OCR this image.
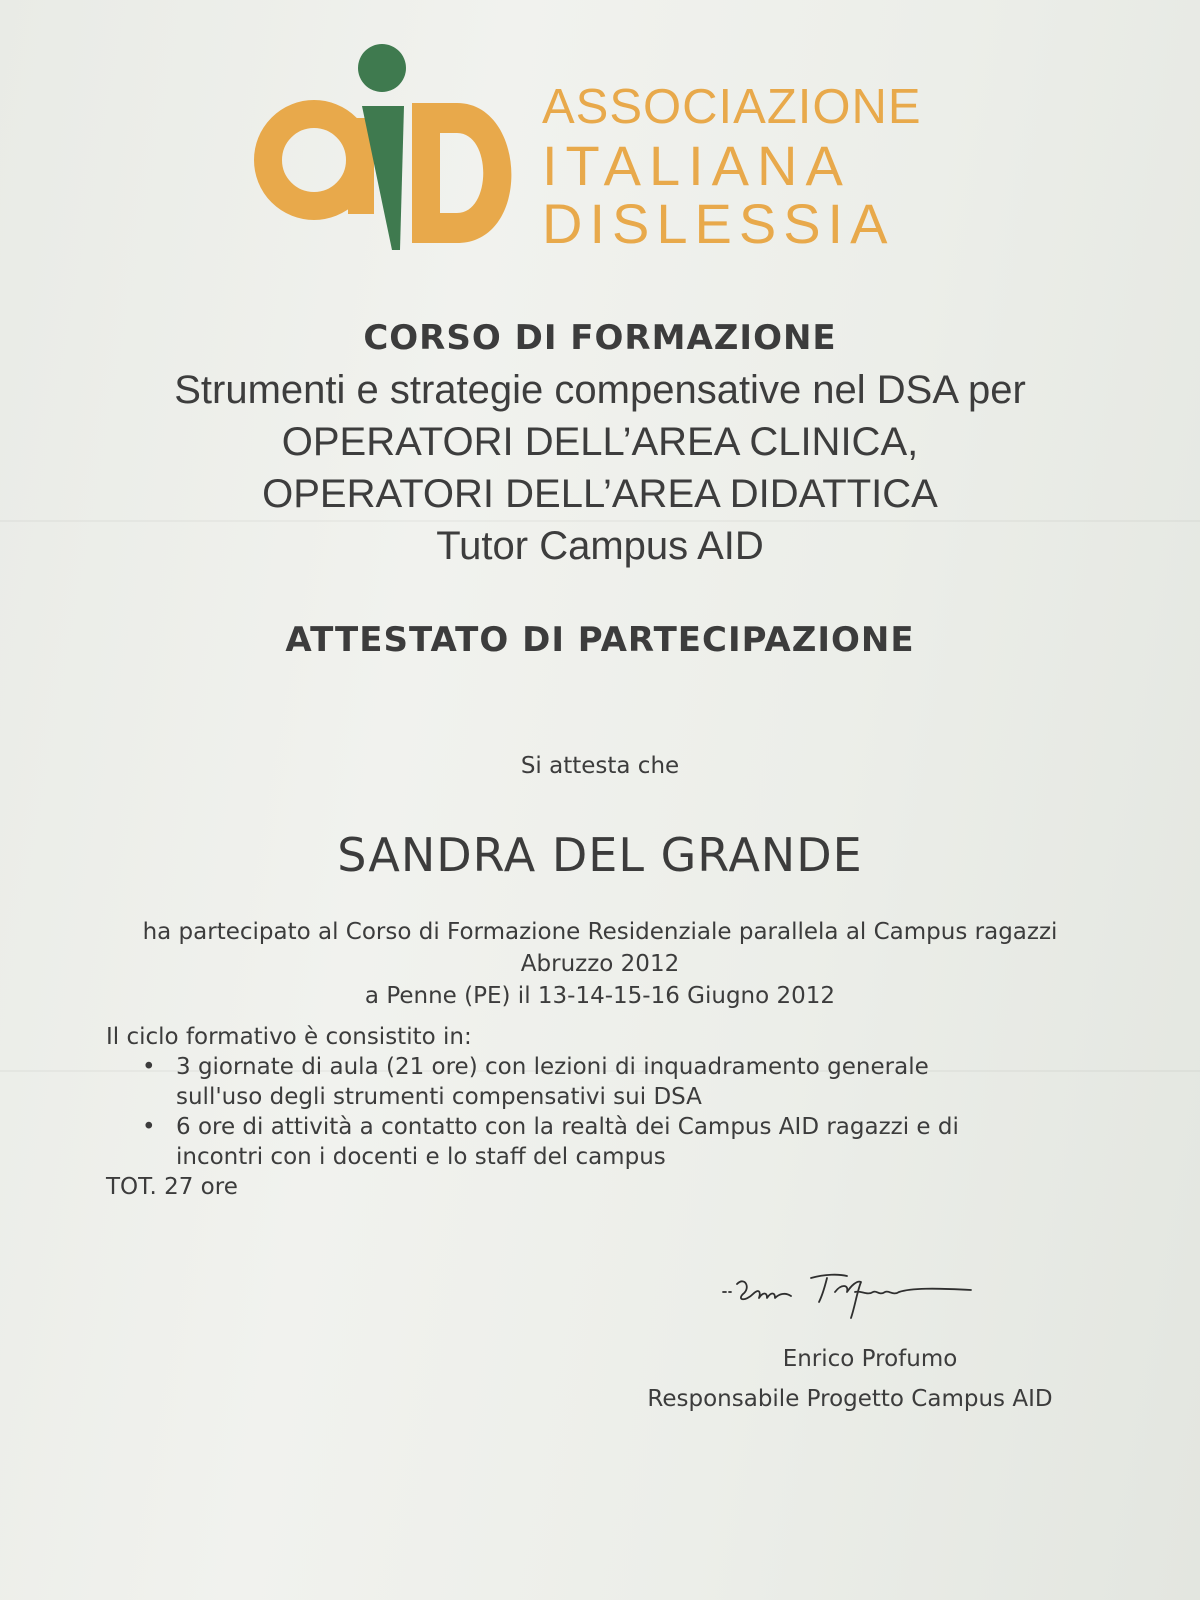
ASSOCIAZIONE
ITALIANA
DISLESSIA
CORSO DI FORMAZIONE
Strumenti e strategie compensative nel DSA per
OPERATORI DELL’AREA CLINICA,
OPERATORI DELL’AREA DIDATTICA
Tutor Campus AID
ATTESTATO DI PARTECIPAZIONE
Si attesta che
SANDRA DEL GRANDE
ha partecipato al Corso di Formazione Residenziale parallela al Campus ragazzi
Abruzzo 2012
a Penne (PE) il 13-14-15-16 Giugno 2012
Il ciclo formativo è consistito in:
• 3 giornate di aula (21 ore) con lezioni di inquadramento generale
sull'uso degli strumenti compensativi sui DSA
• 6 ore di attività a contatto con la realtà dei Campus AID ragazzi e di
incontri con i docenti e lo staff del campus
TOT. 27 ore
Enrico Profumo
Responsabile Progetto Campus AID
